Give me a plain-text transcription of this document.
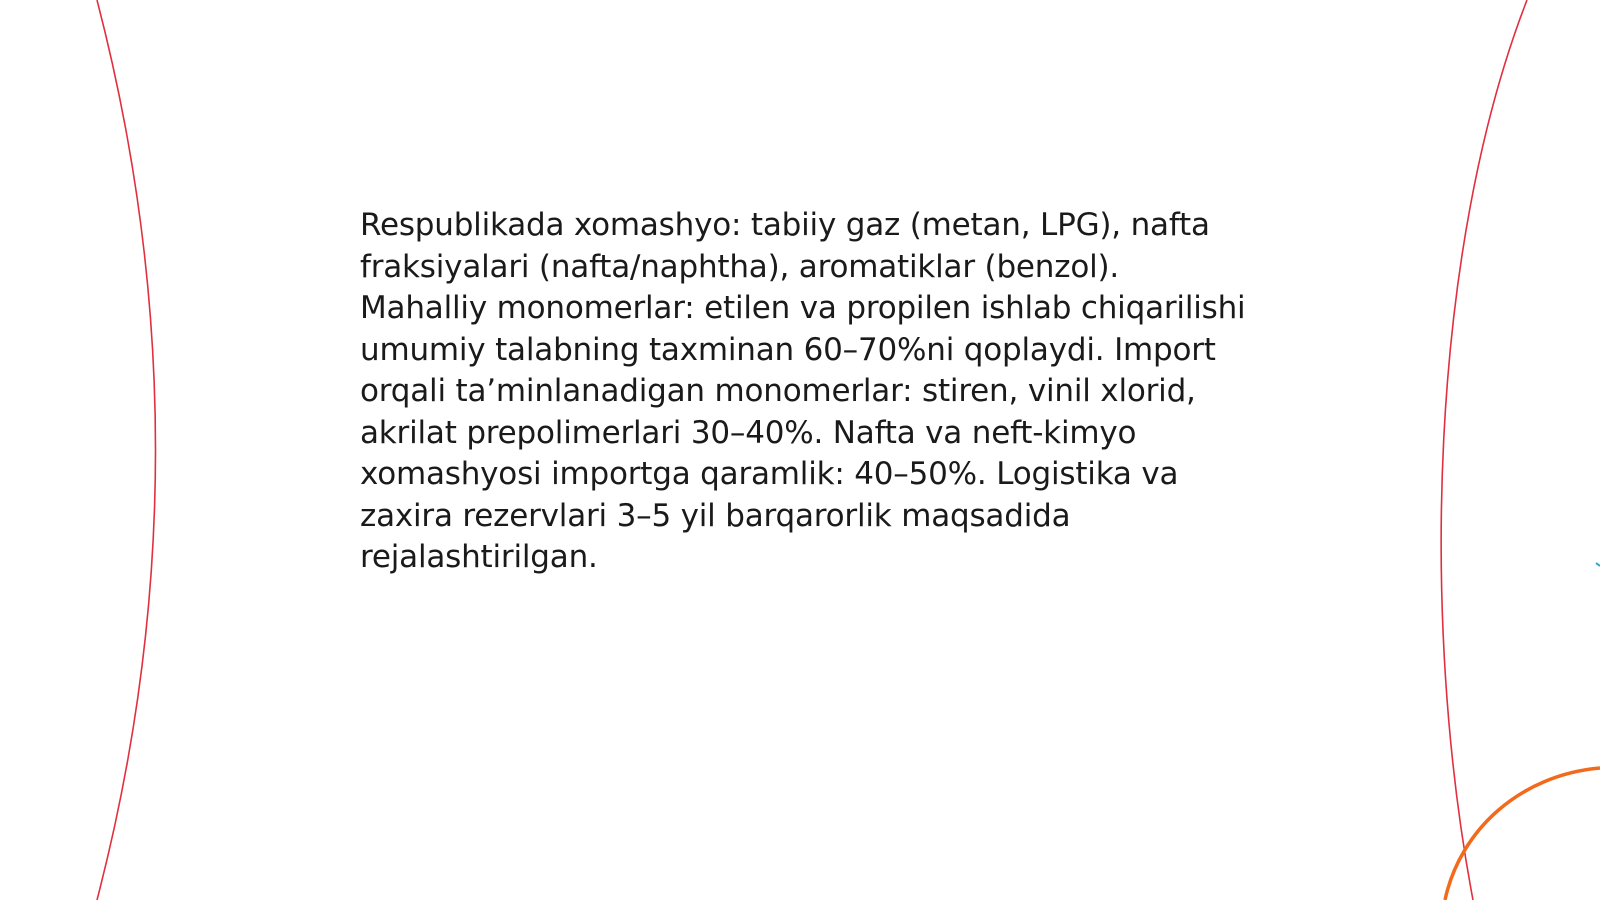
Respublikada xomashyo: tabiiy gaz (metan, LPG), nafta fraksiyalari (nafta/naphtha), aromatiklar (benzol). Mahalliy monomerlar: etilen va propilen ishlab chiqarilishi umumiy talabning taxminan 60–70%ni qoplaydi. Import orqali ta’minlanadigan monomerlar: stiren, vinil xlorid, akrilat prepolimerlari 30–40%. Nafta va neft-kimyo xomashyosi importga qaramlik: 40–50%. Logistika va zaxira rezervlari 3–5 yil barqarorlik maqsadida rejalashtirilgan.
